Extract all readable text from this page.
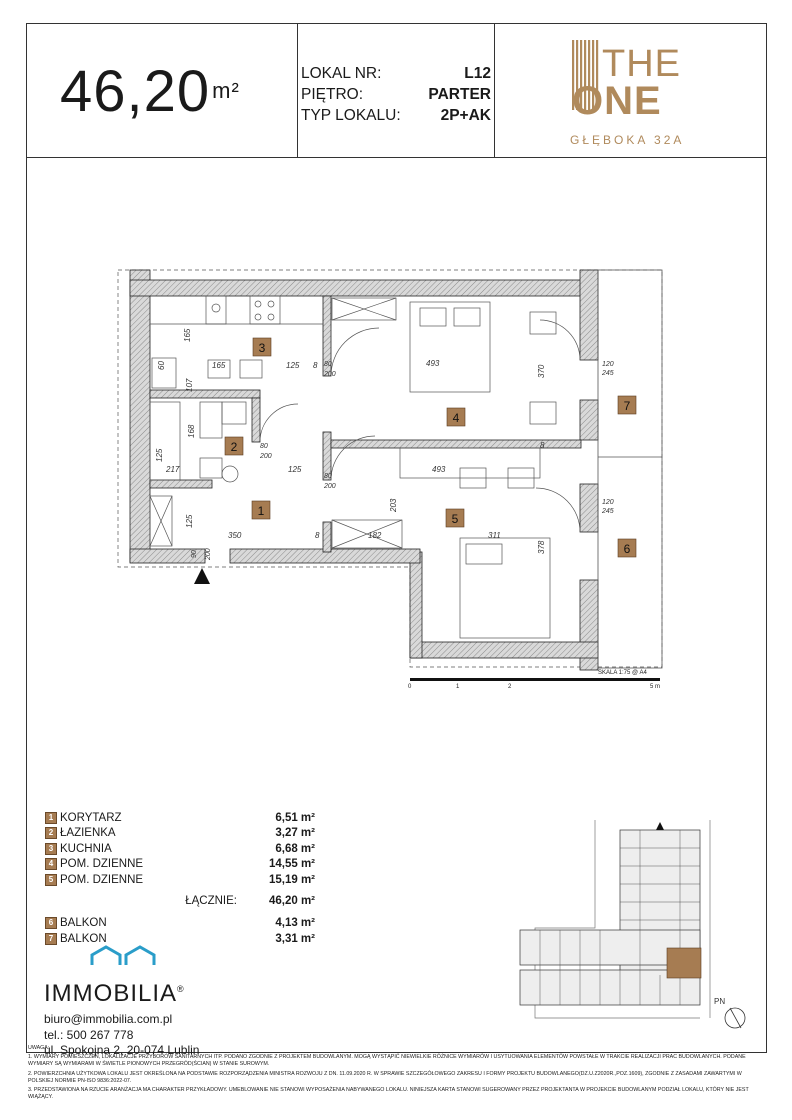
$46,20^{m^2}$
LOKAL NR:	L12
PIĘTRO:	PARTER
TYP LOKALU:	2P+AK
THE
ONE
GŁĘBOKA 32A
165
165	125 8 80
200
493
370
60
107
168
125
217
80
200
125
80
200
203
493
120
245
120
245
125
350
90 200
8	182	311
378
8
3
2
4
1
5
6
7
SKALA 1:75 @ A4
0	1	2	5 m
1 KORYTARZ	6,51 m²
2 ŁAZIENKA	3,27 m²
3 KUCHNIA	6,68 m²
4 POM. DZIENNE	14,55 m²
5 POM. DZIENNE	15,19 m²
ŁĄCZNIE:	46,20 m²
6 BALKON	4,13 m²
7 BALKON	3,31 m²
IMMOBILIA®
biuro@immobilia.com.pl
tel.: 500 267 778
ul. Spokojna 2, 20-074 Lublin
PN

UWAGA:

1. WYMIARY POMIESZCZEŃ, LOKALIZACJE PRZYBORÓW SANITARNYCH ITP. PODANO ZGODNIE Z PROJEKTEM BUDOWLANYM. MOGĄ WYSTĄPIĆ NIEWIELKIE RÓŻNICE WYMIARÓW I USYTUOWANIA ELEMENTÓW POWSTAŁE W TRAKCIE REALIZACJI PRAC BUDOWLANYCH. PODANE WYMIARY SĄ WYMIARAMI W ŚWIETLE PIONOWYCH PRZEGRÓD(ŚCIAN) W STANIE SUROWYM.

2. POWIERZCHNIA UŻYTKOWA LOKALU JEST OKREŚLONA NA PODSTAWIE ROZPORZĄDZENIA MINISTRA ROZWOJU Z DN. 11.09.2020 R. W SPRAWIE SZCZEGÓŁOWEGO ZAKRESU I FORMY PROJEKTU BUDOWLANEGO(DZ.U.Z2020R.,POZ.1609), ZGODNIE Z ZASADAMI ZAWARTYMI W POLSKIEJ NORMIE PN-ISO 9836:2022-07.

3. PRZEDSTAWIONA NA RZUCIE ARANŻACJA MA CHARAKTER PRZYKŁADOWY. UMEBLOWANIE NIE STANOWI WYPOSAŻENIA NABYWANEGO LOKALU. NINIEJSZA KARTA STANOWI SUGEROWANY PRZEZ PROJEKTANTA W PROJEKCIE BUDOWLANYM PODZIAŁ LOKALU, KTÓRY NIE JEST WIĄŻĄCY.
